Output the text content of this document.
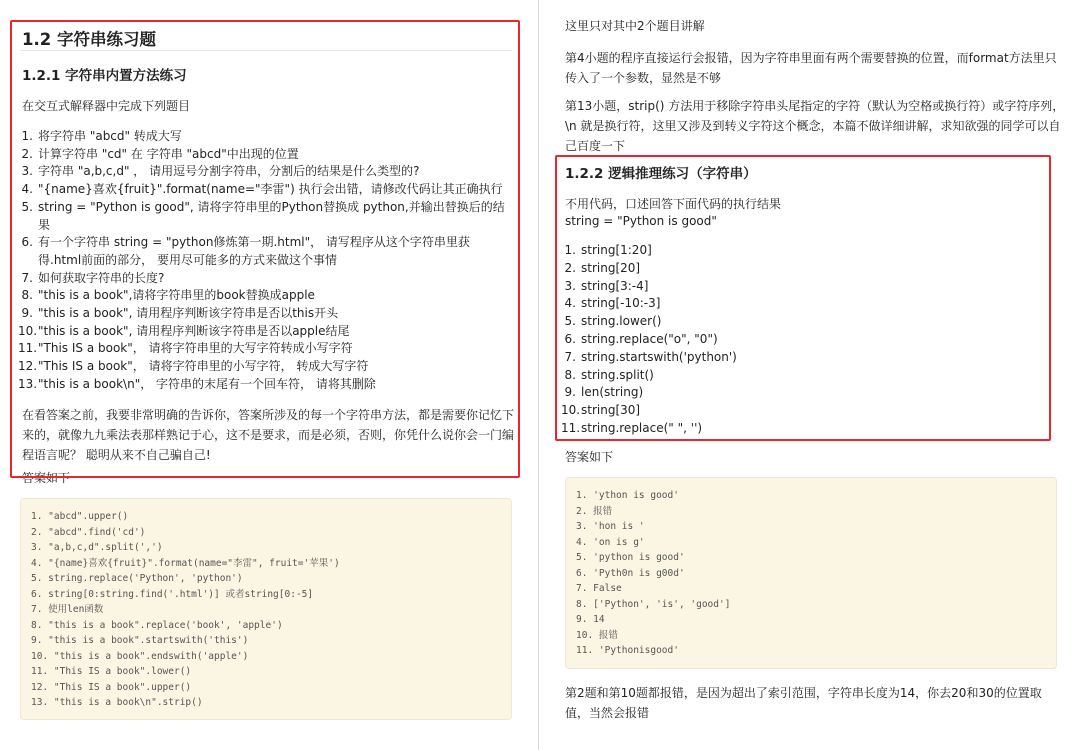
1.2 字符串练习题
1.2.1 字符串内置方法练习
在交互式解释器中完成下列题目
1. 将字符串 "abcd" 转成大写
2. 计算字符串 "cd" 在 字符串 "abcd"中出现的位置
3. 字符串 "a,b,c,d" ， 请用逗号分割字符串，分割后的结果是什么类型的?
4. "{name}喜欢{fruit}".format(name="李雷") 执行会出错，请修改代码让其正确执行
5. string = "Python is good", 请将字符串里的Python替换成 python,并输出替换后的结果
6. 有一个字符串 string = "python修炼第一期.html"， 请写程序从这个字符串里获得.html前面的部分， 要用尽可能多的方式来做这个事情
7. 如何获取字符串的长度?
8. "this is a book",请将字符串里的book替换成apple
9. "this is a book", 请用程序判断该字符串是否以this开头
10. "this is a book", 请用程序判断该字符串是否以apple结尾
11. "This IS a book"， 请将字符串里的大写字符转成小写字符
12. "This IS a book"， 请将字符串里的小写字符， 转成大写字符
13. "this is a book\n"， 字符串的末尾有一个回车符， 请将其删除
在看答案之前，我要非常明确的告诉你，答案所涉及的每一个字符串方法，都是需要你记忆下来的，就像九九乘法表那样熟记于心，这不是要求，而是必须，否则，你凭什么说你会一门编程语言呢？ 聪明从来不自己骗自己!
答案如下
1. "abcd".upper()
2. "abcd".find('cd')
3. "a,b,c,d".split(',')
4. "{name}喜欢{fruit}".format(name="李雷", fruit='苹果')
5. string.replace('Python', 'python')
6. string[0:string.find('.html')] 或者string[0:-5]
7. 使用len函数
8. "this is a book".replace('book', 'apple')
9. "this is a book".startswith('this')
10. "this is a book".endswith('apple')
11. "This IS a book".lower()
12. "This IS a book".upper()
13. "this is a book\n".strip()
这里只对其中2个题目讲解
第4小题的程序直接运行会报错，因为字符串里面有两个需要替换的位置，而format方法里只传入了一个参数，显然是不够
第13小题，strip() 方法用于移除字符串头尾指定的字符（默认为空格或换行符）或字符序列， \n 就是换行符，这里又涉及到转义字符这个概念，本篇不做详细讲解，求知欲强的同学可以自己百度一下
1.2.2 逻辑推理练习（字符串）
不用代码，口述回答下面代码的执行结果
string = "Python is good"
1. string[1:20]
2. string[20]
3. string[3:-4]
4. string[-10:-3]
5. string.lower()
6. string.replace("o", "0")
7. string.startswith('python')
8. string.split()
9. len(string)
10. string[30]
11. string.replace(" ", '')
答案如下
1. 'ython is good'
2. 报错
3. 'hon is '
4. 'on is g'
5. 'python is good'
6. 'Pyth0n is g00d'
7. False
8. ['Python', 'is', 'good']
9. 14
10. 报错
11. 'Pythonisgood'
第2题和第10题都报错，是因为超出了索引范围，字符串长度为14，你去20和30的位置取值，当然会报错
